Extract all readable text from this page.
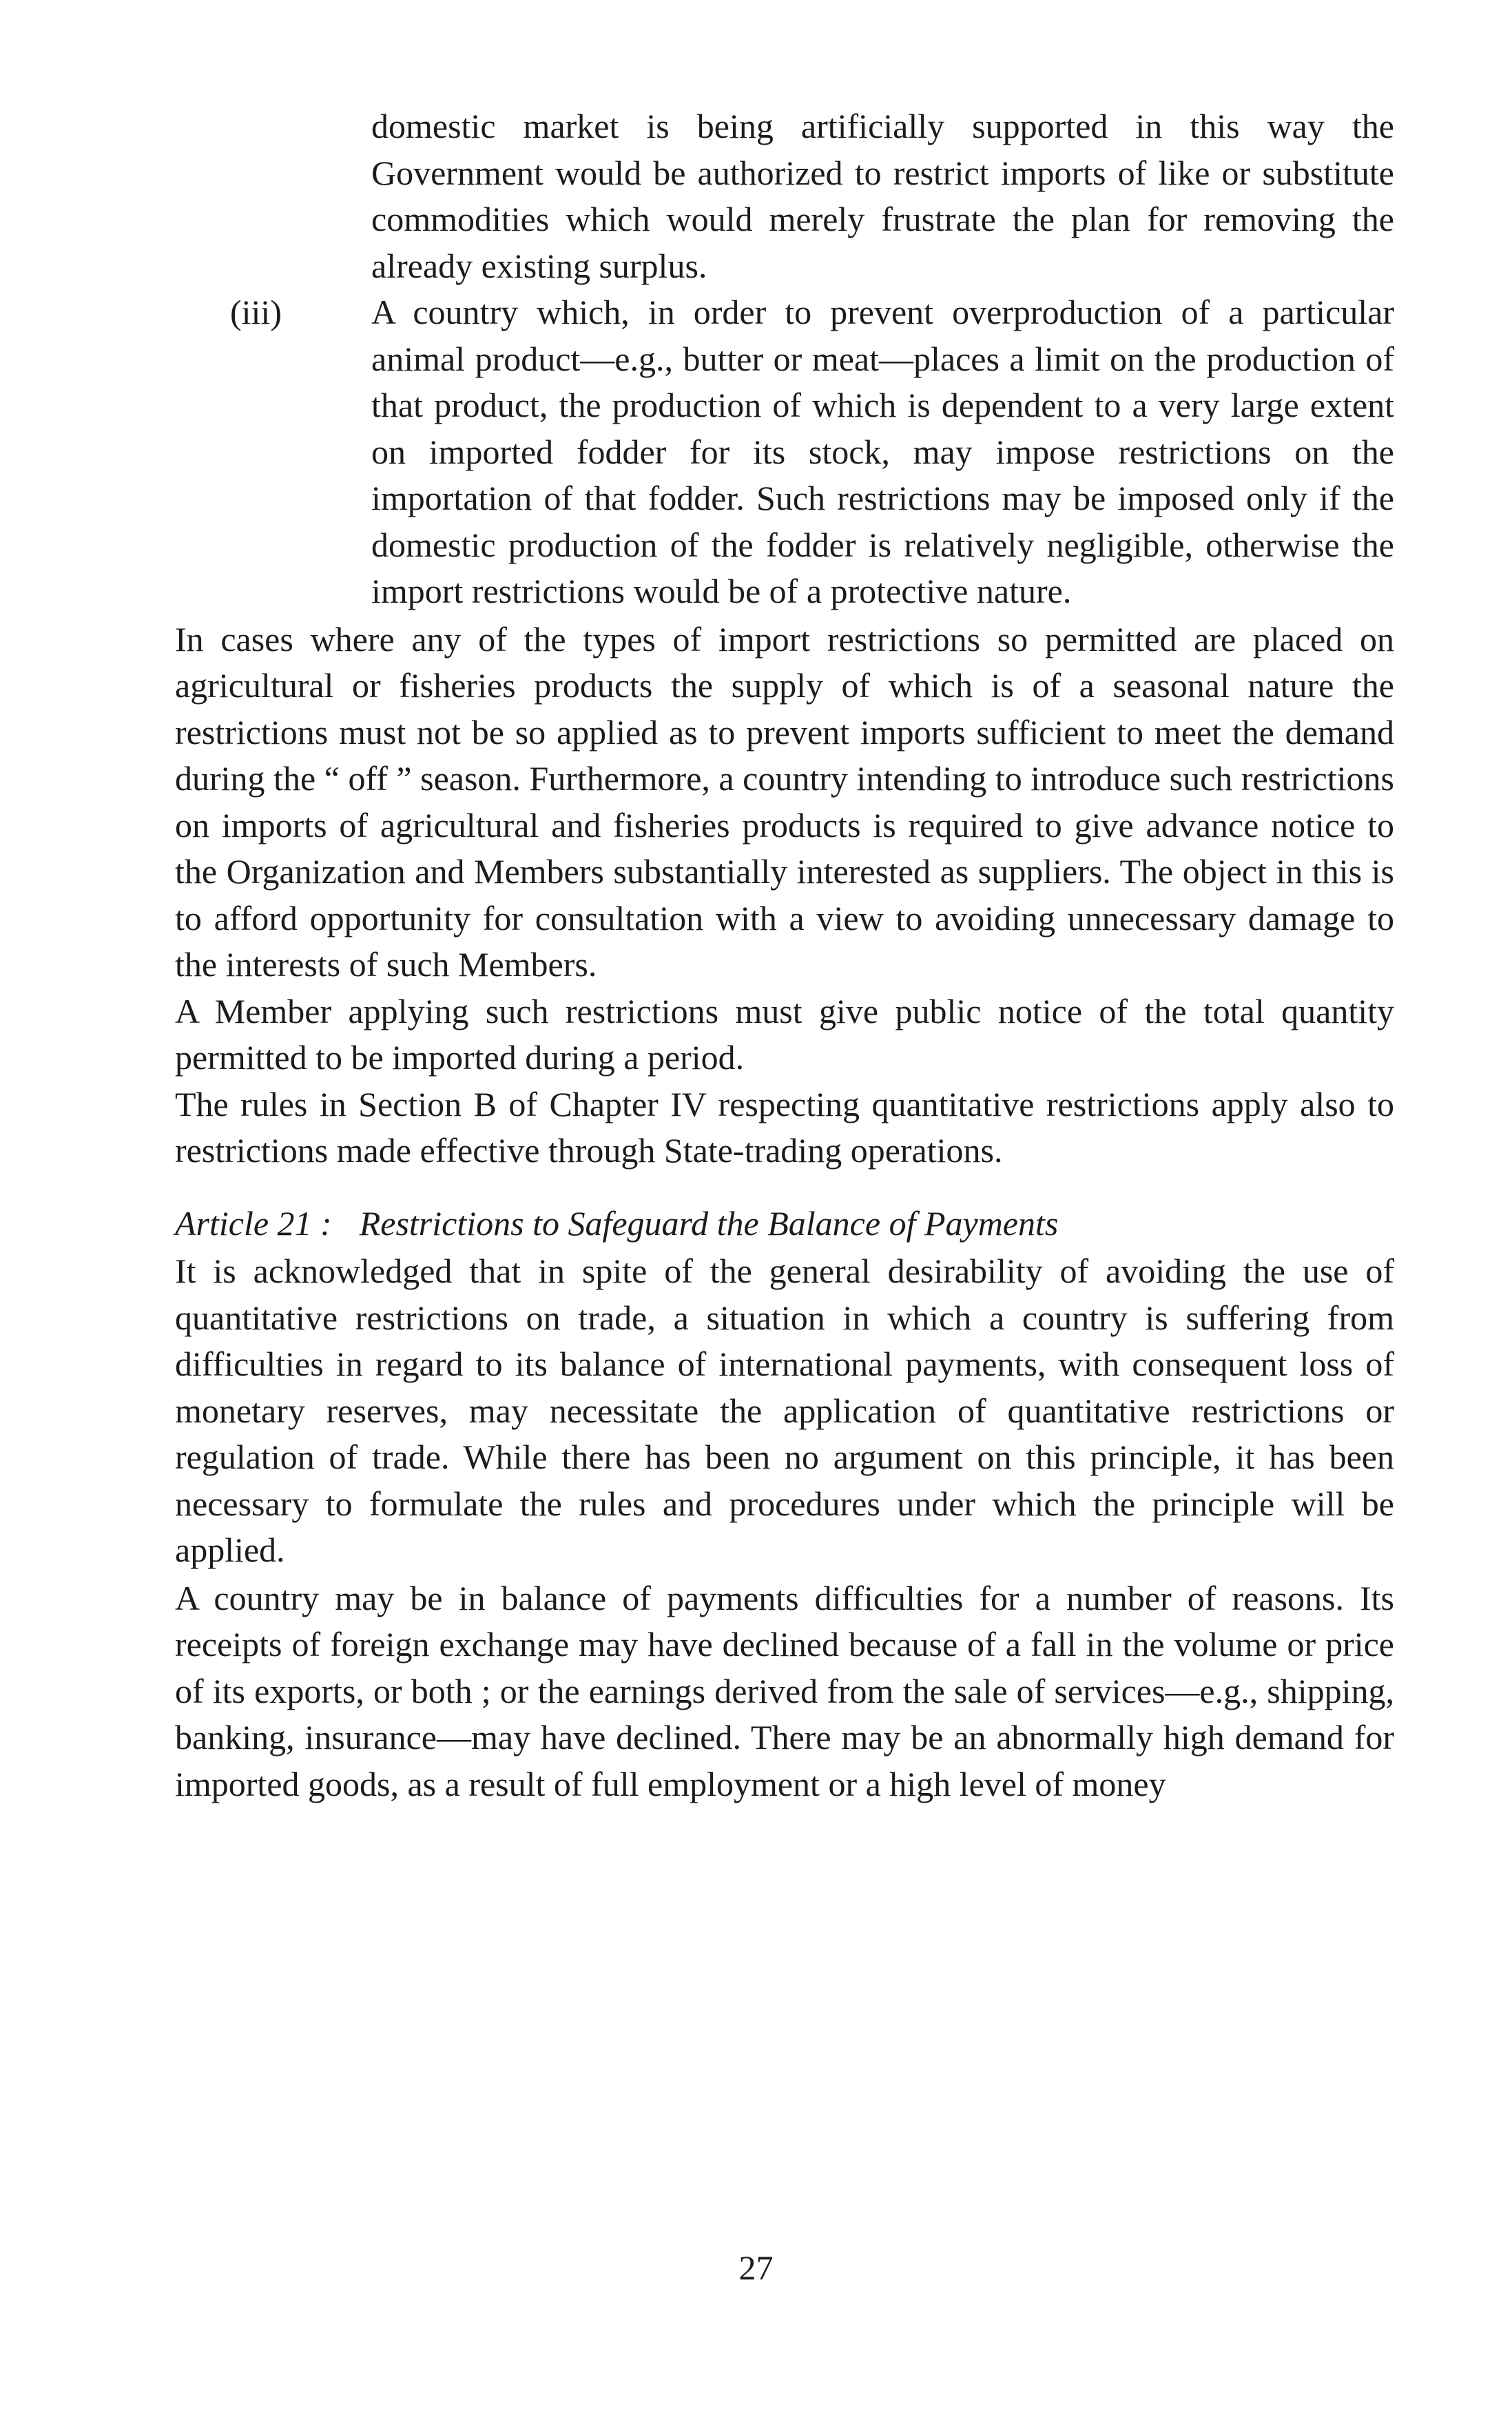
domestic market is being artificially supported in this way the Government would be authorized to restrict imports of like or substitute commodities which would merely frustrate the plan for removing the already existing surplus.

(iii)	A country which, in order to prevent overproduction of a particular animal product—e.g., butter or meat—places a limit on the production of that product, the production of which is dependent to a very large extent on imported fodder for its stock, may impose restrictions on the importation of that fodder. Such restrictions may be imposed only if the domestic production of the fodder is relatively negligible, otherwise the import restrictions would be of a protective nature.

In cases where any of the types of import restrictions so permitted are placed on agricultural or fisheries products the supply of which is of a seasonal nature the restrictions must not be so applied as to prevent imports sufficient to meet the demand during the “ off ” season. Furthermore, a country intending to introduce such restrictions on imports of agricultural and fisheries products is required to give advance notice to the Organization and Members substantially interested as suppliers. The object in this is to afford opportunity for consultation with a view to avoiding unnecessary damage to the interests of such Members.

A Member applying such restrictions must give public notice of the total quantity permitted to be imported during a period.

The rules in Section B of Chapter IV respecting quantitative restrictions apply also to restrictions made effective through State-trading operations.

Article 21 : Restrictions to Safeguard the Balance of Payments

It is acknowledged that in spite of the general desirability of avoiding the use of quantitative restrictions on trade, a situation in which a country is suffering from difficulties in regard to its balance of international payments, with consequent loss of monetary reserves, may necessitate the application of quantitative restrictions or regulation of trade. While there has been no argument on this principle, it has been necessary to formulate the rules and procedures under which the principle will be applied.

A country may be in balance of payments difficulties for a number of reasons. Its receipts of foreign exchange may have declined because of a fall in the volume or price of its exports, or both ; or the earnings derived from the sale of services—e.g., shipping, banking, insurance—may have declined. There may be an abnormally high demand for imported goods, as a result of full employment or a high level of money

27
